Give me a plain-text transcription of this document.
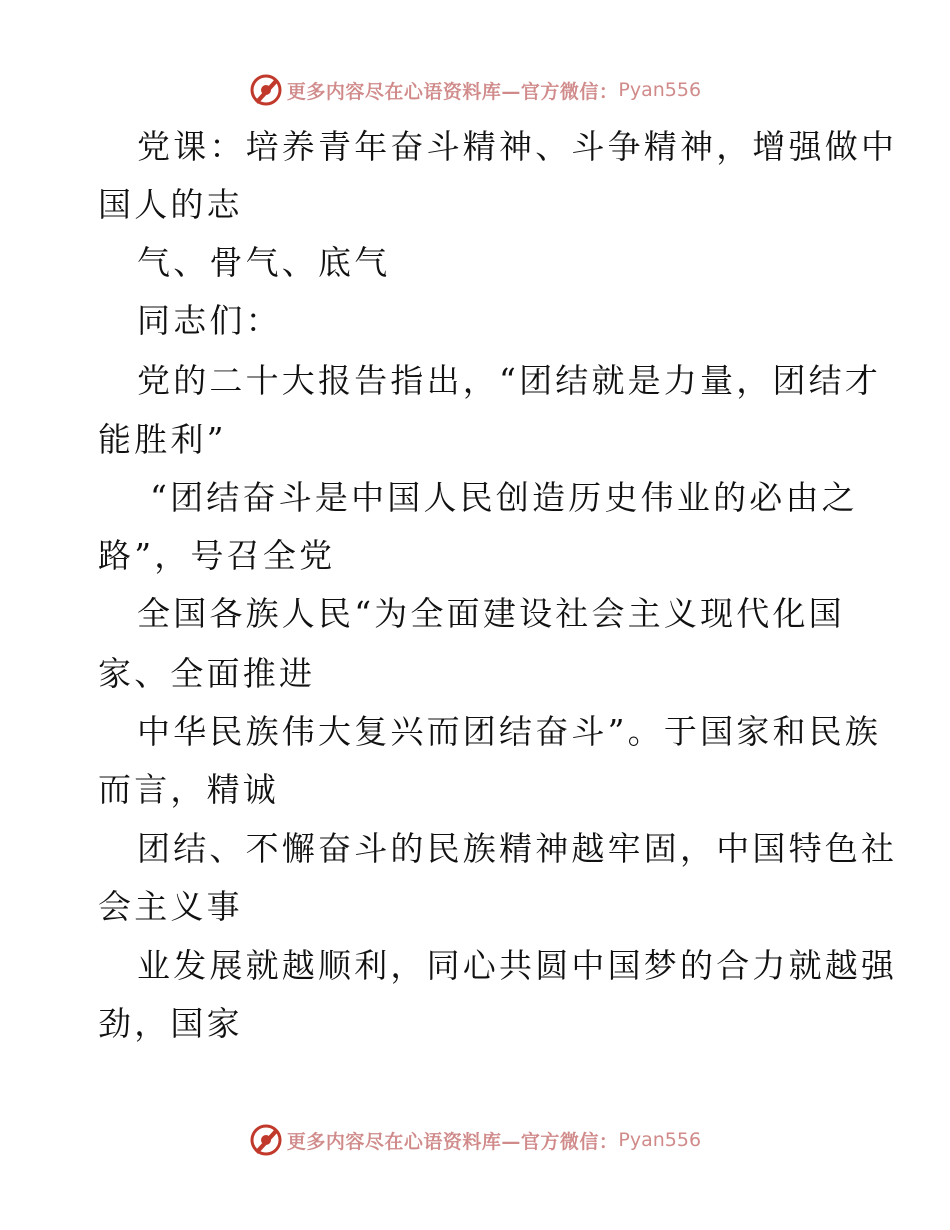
更多内容尽在心语资料库—官方微信： Pyan556
党课：培养青年奋斗精神、斗争精神，增强做中
国人的志
气、骨气、底气
同志们：
党的二十大报告指出，“团结就是力量，团结才
能胜利”
“团结奋斗是中国人民创造历史伟业的必由之
路”，号召全党
全国各族人民“为全面建设社会主义现代化国
家、全面推进
中华民族伟大复兴而团结奋斗”。于国家和民族
而言，精诚
团结、不懈奋斗的民族精神越牢固，中国特色社
会主义事
业发展就越顺利，同心共圆中国梦的合力就越强
劲，国家
更多内容尽在心语资料库—官方微信： Pyan556
